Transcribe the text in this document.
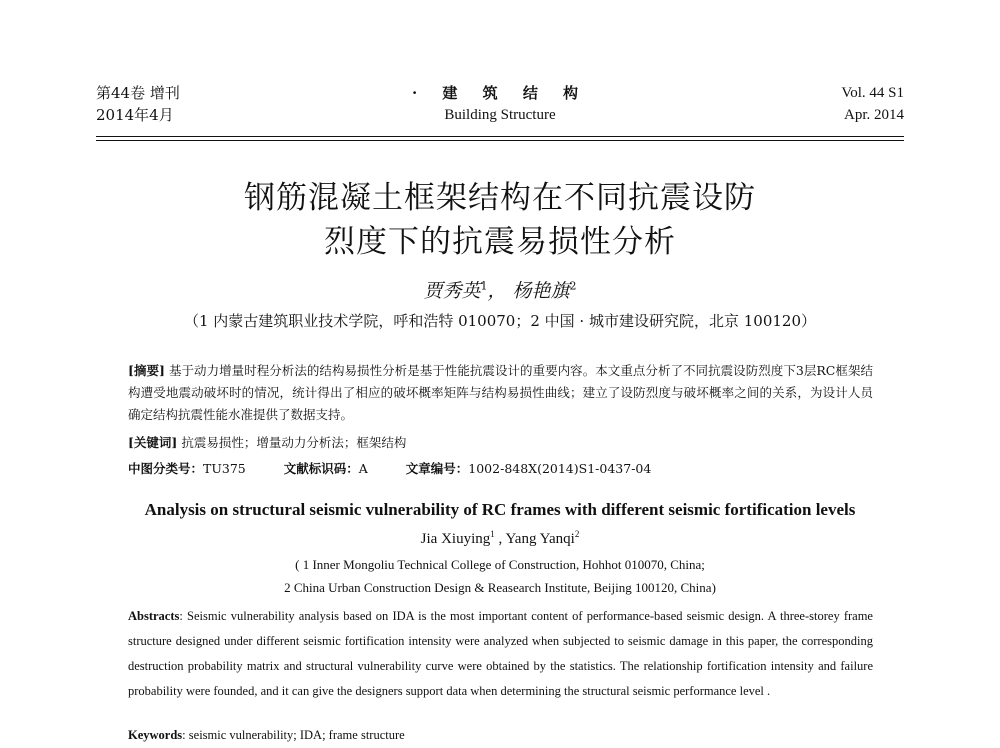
第44卷 增刊
2014年4月
· 建 筑 结 构
Building Structure
Vol. 44 S1
Apr. 2014
钢筋混凝土框架结构在不同抗震设防
烈度下的抗震易损性分析
贾秀英$^1$， 杨艳旗$^2$
（1 内蒙古建筑职业技术学院，呼和浩特 010070；2 中国 · 城市建设研究院，北京 100120）
[摘要] 基于动力增量时程分析法的结构易损性分析是基于性能抗震设计的重要内容。本文重点分析了不同抗震设防烈度下3层RC框架结构遭受地震动破坏时的情况，统计得出了相应的破坏概率矩阵与结构易损性曲线；建立了设防烈度与破坏概率之间的关系，为设计人员确定结构抗震性能水准提供了数据支持。
[关键词] 抗震易损性；增量动力分析法；框架结构
中图分类号：TU375	文献标识码：A	文章编号：1002-848X(2014)S1-0437-04
Analysis on structural seismic vulnerability of RC frames with different seismic fortification levels
Jia Xiuying$^1$ , Yang Yanqi$^2$
( 1 Inner Mongoliu Technical College of Construction, Hohhot 010070, China;
2 China Urban Construction Design & Reasearch Institute, Beijing 100120, China)
Abstracts: Seismic vulnerability analysis based on IDA is the most important content of performance-based seismic design. A three-storey frame structure designed under different seismic fortification intensity were analyzed when subjected to seismic damage in this paper, the corresponding destruction probability matrix and structural vulnerability curve were obtained by the statistics. The relationship fortification intensity and failure probability were founded, and it can give the designers support data when determining the structural seismic performance level .
Keywords: seismic vulnerability; IDA; frame structure
